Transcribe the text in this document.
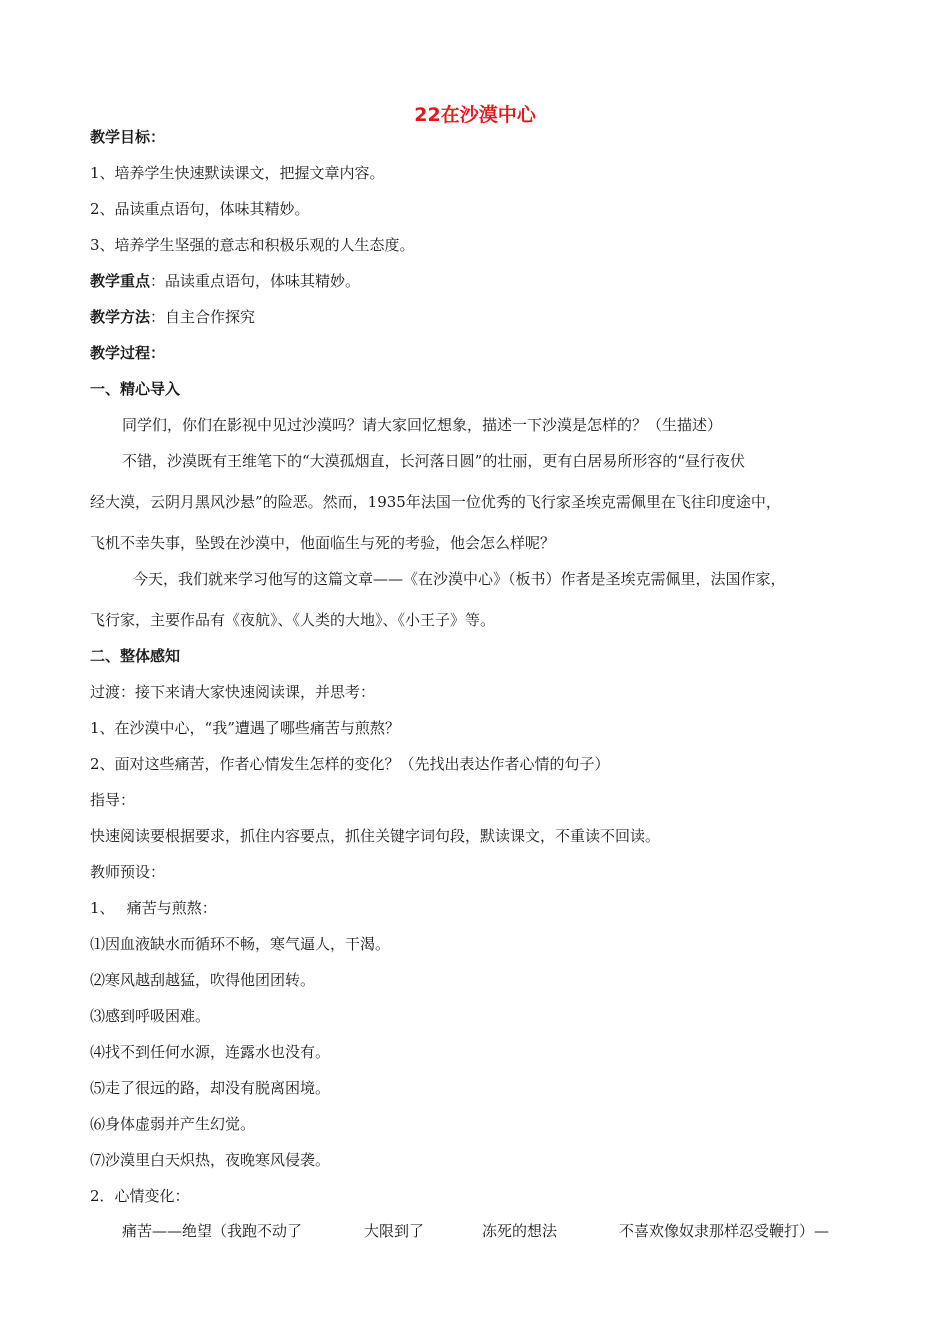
22在沙漠中心
教学目标：
1、培养学生快速默读课文，把握文章内容。
2、品读重点语句，体味其精妙。
3、培养学生坚强的意志和积极乐观的人生态度。
教学重点：品读重点语句，体味其精妙。
教学方法：自主合作探究
教学过程：
一、精心导入
同学们，你们在影视中见过沙漠吗？请大家回忆想象，描述一下沙漠是怎样的？（生描述）
不错，沙漠既有王维笔下的“大漠孤烟直，长河落日圆”的壮丽，更有白居易所形容的“昼行夜伏
经大漠，云阴月黑风沙悬”的险恶。然而，1935年法国一位优秀的飞行家圣埃克需佩里在飞往印度途中，
飞机不幸失事，坠毁在沙漠中，他面临生与死的考验，他会怎么样呢？
今天，我们就来学习他写的这篇文章——《在沙漠中心》（板书）作者是圣埃克需佩里，法国作家，
飞行家，主要作品有《夜航》、《人类的大地》、《小王子》等。
二、整体感知
过渡：接下来请大家快速阅读课，并思考：
1、在沙漠中心，“我”遭遇了哪些痛苦与煎熬？
2、面对这些痛苦，作者心情发生怎样的变化？（先找出表达作者心情的句子）
指导：
快速阅读要根据要求，抓住内容要点，抓住关键字词句段，默读课文，不重读不回读。
教师预设：
1、　 痛苦与煎熬：
⑴因血液缺水而循环不畅，寒气逼人，干渴。
⑵寒风越刮越猛，吹得他团团转。
⑶感到呼吸困难。
⑷找不到任何水源，连露水也没有。
⑸走了很远的路，却没有脱离困境。
⑹身体虚弱并产生幻觉。
⑺沙漠里白天炽热，夜晚寒风侵袭。
2．心情变化：
痛苦——绝望（我跑不动了	大限到了	冻死的想法	不喜欢像奴隶那样忍受鞭打）—
